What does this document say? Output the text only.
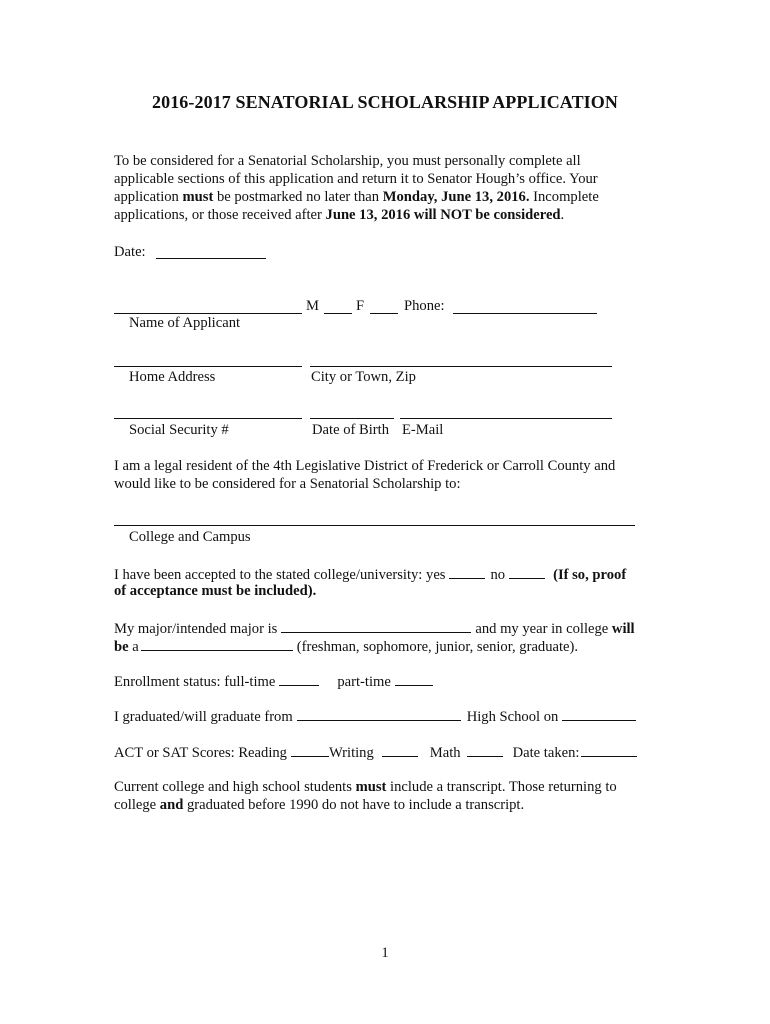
2016-2017 SENATORIAL SCHOLARSHIP APPLICATION
To be considered for a Senatorial Scholarship, you must personally complete all
applicable sections of this application and return it to Senator Hough’s office. Your
application must be postmarked no later than Monday, June 13, 2016. Incomplete
applications, or those received after June 13, 2016 will NOT be considered.
Date:
M	F	Phone:
Name of Applicant
Home Address	City or Town, Zip
Social Security #	Date of Birth E-Mail
I am a legal resident of the 4th Legislative District of Frederick or Carroll County and
would like to be considered for a Senatorial Scholarship to:
College and Campus
I have been accepted to the stated college/university: yes	no	(If so, proof
of acceptance must be included).
My major/intended major is	and my year in college will
be a	(freshman, sophomore, junior, senior, graduate).
Enrollment status: full-time	part-time
I graduated/will graduate from	High School on
ACT or SAT Scores: Reading	Writing	Math	Date taken:
Current college and high school students must include a transcript. Those returning to
college and graduated before 1990 do not have to include a transcript.
1
